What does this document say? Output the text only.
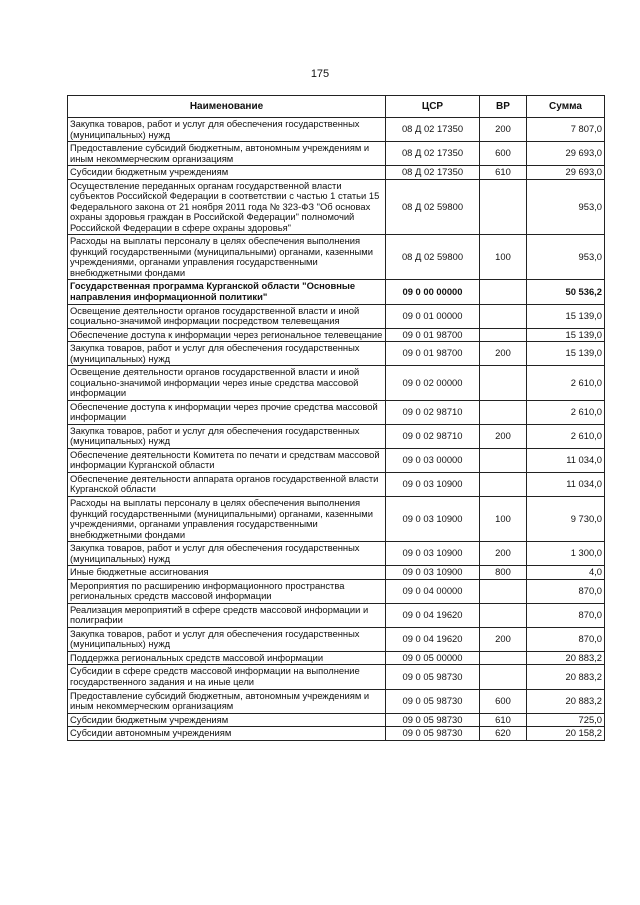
175
Наименование	ЦСР	ВР	Сумма
Закупка товаров, работ и услуг для обеспечения государственных (муниципальных) нужд	08 Д 02 17350	200	7 807,0
Предоставление субсидий бюджетным, автономным учреждениям и иным некоммерческим организациям	08 Д 02 17350	600	29 693,0
Субсидии бюджетным учреждениям	08 Д 02 17350	610	29 693,0
Осуществление переданных органам государственной власти субъектов Российской Федерации в соответствии с частью 1 статьи 15 Федерального закона от 21 ноября 2011 года № 323-ФЗ "Об основах охраны здоровья граждан в Российской Федерации" полномочий Российской Федерации в сфере охраны здоровья"	08 Д 02 59800		953,0
Расходы на выплаты персоналу в целях обеспечения выполнения функций государственными (муниципальными) органами, казенными учреждениями, органами управления государственными внебюджетными фондами	08 Д 02 59800	100	953,0
Государственная программа Курганской области "Основные направления информационной политики"	09 0 00 00000		50 536,2
Освещение деятельности органов государственной власти и иной социально-значимой информации посредством телевещания	09 0 01 00000		15 139,0
Обеспечение доступа к информации через региональное телевещание	09 0 01 98700		15 139,0
Закупка товаров, работ и услуг для обеспечения государственных (муниципальных) нужд	09 0 01 98700	200	15 139,0
Освещение деятельности органов государственной власти и иной социально-значимой информации через иные средства массовой информации	09 0 02 00000		2 610,0
Обеспечение доступа к информации через прочие средства массовой информации	09 0 02 98710		2 610,0
Закупка товаров, работ и услуг для обеспечения государственных (муниципальных) нужд	09 0 02 98710	200	2 610,0
Обеспечение деятельности Комитета по печати и средствам массовой информации Курганской области	09 0 03 00000		11 034,0
Обеспечение деятельности аппарата органов государственной власти Курганской области	09 0 03 10900		11 034,0
Расходы на выплаты персоналу в целях обеспечения выполнения функций государственными (муниципальными) органами, казенными учреждениями, органами управления государственными внебюджетными фондами	09 0 03 10900	100	9 730,0
Закупка товаров, работ и услуг для обеспечения государственных (муниципальных) нужд	09 0 03 10900	200	1 300,0
Иные бюджетные ассигнования	09 0 03 10900	800	4,0
Мероприятия по расширению информационного пространства региональных средств массовой информации	09 0 04 00000		870,0
Реализация мероприятий в сфере средств массовой информации и полиграфии	09 0 04 19620		870,0
Закупка товаров, работ и услуг для обеспечения государственных (муниципальных) нужд	09 0 04 19620	200	870,0
Поддержка региональных средств массовой информации	09 0 05 00000		20 883,2
Субсидии в сфере средств массовой информации на выполнение государственного задания и на иные цели	09 0 05 98730		20 883,2
Предоставление субсидий бюджетным, автономным учреждениям и иным некоммерческим организациям	09 0 05 98730	600	20 883,2
Субсидии бюджетным учреждениям	09 0 05 98730	610	725,0
Субсидии автономным учреждениям	09 0 05 98730	620	20 158,2
